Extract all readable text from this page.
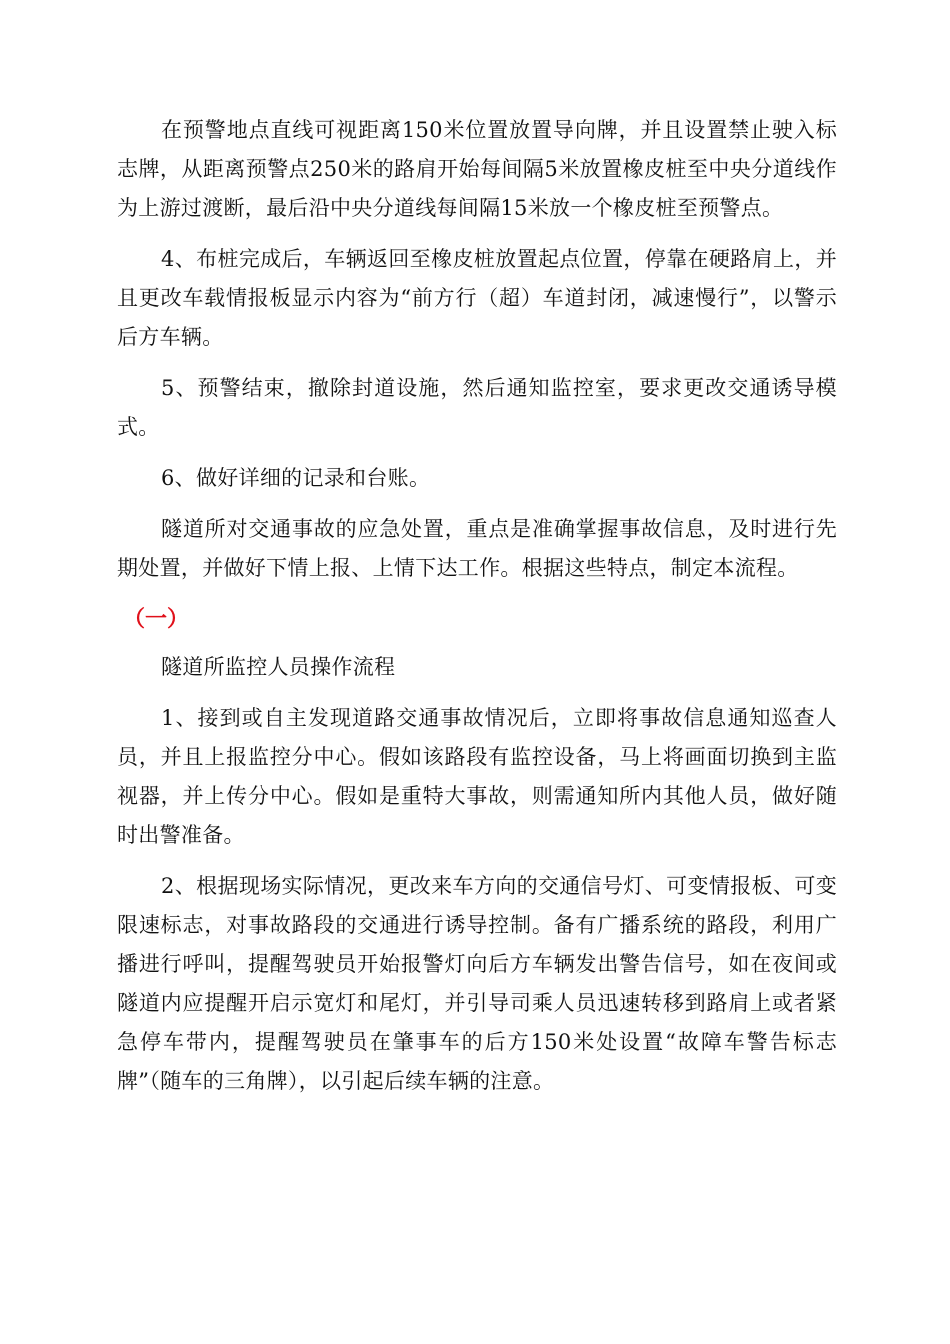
在预警地点直线可视距离150米位置放置导向牌，并且设置禁止驶入标志牌，从距离预警点250米的路肩开始每间隔5米放置橡皮桩至中央分道线作为上游过渡断，最后沿中央分道线每间隔15米放一个橡皮桩至预警点。

4、布桩完成后，车辆返回至橡皮桩放置起点位置，停靠在硬路肩上，并且更改车载情报板显示内容为“前方行（超）车道封闭，减速慢行”，以警示后方车辆。

5、预警结束，撤除封道设施，然后通知监控室，要求更改交通诱导模式。

6、做好详细的记录和台账。

隧道所对交通事故的应急处置，重点是准确掌握事故信息，及时进行先期处置，并做好下情上报、上情下达工作。根据这些特点，制定本流程。

（一）

隧道所监控人员操作流程

1、接到或自主发现道路交通事故情况后，立即将事故信息通知巡查人员，并且上报监控分中心。假如该路段有监控设备，马上将画面切换到主监视器，并上传分中心。假如是重特大事故，则需通知所内其他人员，做好随时出警准备。

2、根据现场实际情况，更改来车方向的交通信号灯、可变情报板、可变限速标志，对事故路段的交通进行诱导控制。备有广播系统的路段，利用广播进行呼叫，提醒驾驶员开始报警灯向后方车辆发出警告信号，如在夜间或隧道内应提醒开启示宽灯和尾灯，并引导司乘人员迅速转移到路肩上或者紧急停车带内，提醒驾驶员在肇事车的后方150米处设置“故障车警告标志牌”（随车的三角牌），以引起后续车辆的注意。
